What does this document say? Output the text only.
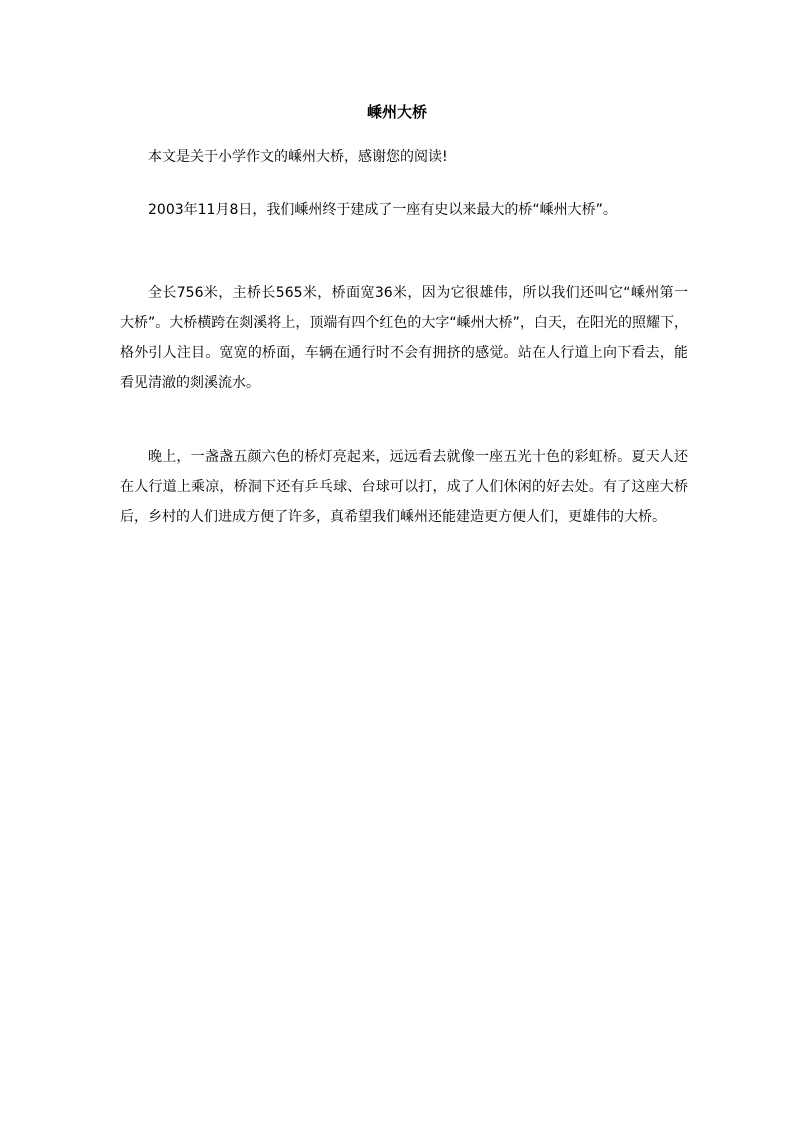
嵊州大桥

本文是关于小学作文的嵊州大桥，感谢您的阅读!

2003年11月8日，我们嵊州终于建成了一座有史以来最大的桥“嵊州大桥”。

全长756米，主桥长565米，桥面宽36米，因为它很雄伟，所以我们还叫它“嵊州第一大桥”。大桥横跨在剡溪将上，顶端有四个红色的大字“嵊州大桥”，白天，在阳光的照耀下，格外引人注目。宽宽的桥面，车辆在通行时不会有拥挤的感觉。站在人行道上向下看去，能看见清澈的剡溪流水。

晚上，一盏盏五颜六色的桥灯亮起来，远远看去就像一座五光十色的彩虹桥。夏天人还在人行道上乘凉，桥洞下还有乒乓球、台球可以打，成了人们休闲的好去处。有了这座大桥后，乡村的人们进成方便了许多，真希望我们嵊州还能建造更方便人们，更雄伟的大桥。
